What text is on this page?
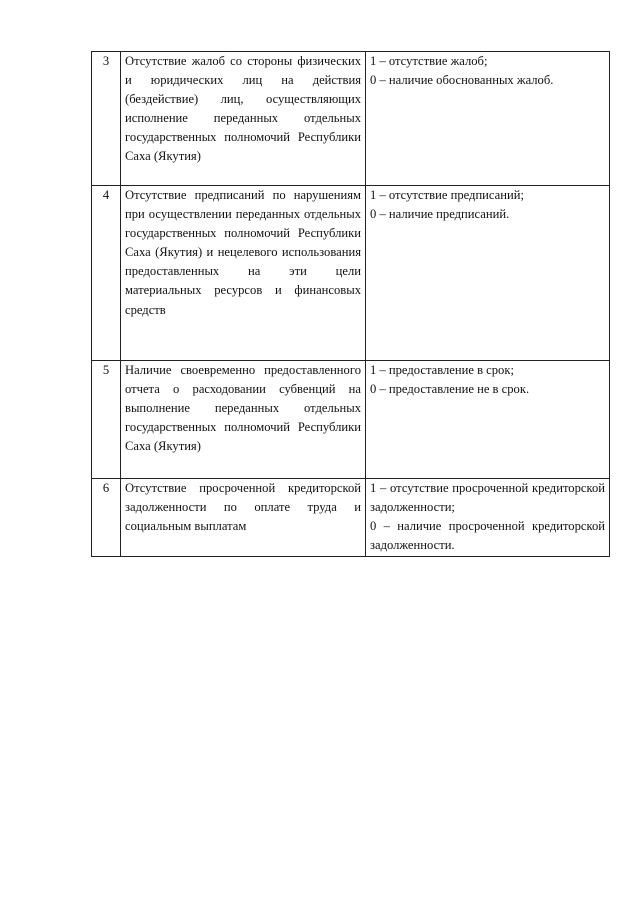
3	Отсутствие жалоб со стороны физических и юридических лиц на действия (бездействие) лиц, осуществляющих исполнение переданных отдельных государственных полномочий Республики Саха (Якутия)	1 – отсутствие жалоб;
0 – наличие обоснованных жалоб.

4	Отсутствие предписаний по нарушениям при осуществлении переданных отдельных государственных полномочий Республики Саха (Якутия) и нецелевого использования предоставленных на эти цели материальных ресурсов и финансовых средств	1 – отсутствие предписаний;
0 – наличие предписаний.

5	Наличие своевременно предоставленного отчета о расходовании субвенций на выполнение переданных отдельных государственных полномочий Республики Саха (Якутия)	1 – предоставление в срок;
0 – предоставление не в срок.

6	Отсутствие просроченной кредиторской задолженности по оплате труда и социальным выплатам	1 – отсутствие просроченной кредиторской задолженности;
0 – наличие просроченной кредиторской задолженности.
